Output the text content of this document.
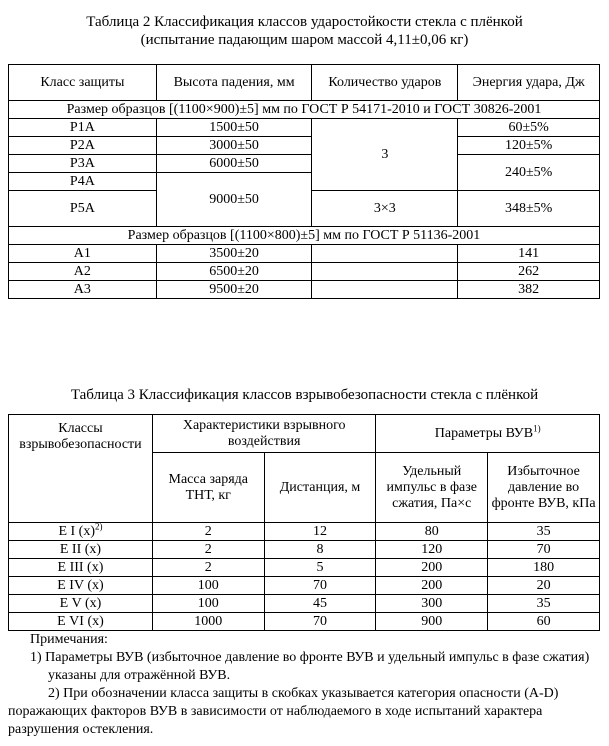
Таблица 2 Классификация классов ударостойкости стекла с плёнкой
(испытание падающим шаром массой 4,11±0,06 кг)
Класс защиты	Высота падения, мм	Количество ударов	Энергия удара, Дж
Размер образцов [(1100×900)±5] мм по ГОСТ Р 54171-2010 и ГОСТ 30826-2001			
Р1А	1500±50	3	60±5%
Р2А	3000±50		120±5%
Р3А	6000±50		240±5%
Р4А	9000±50		
Р5А		3×3	348±5%
Размер образцов [(1100×800)±5] мм по ГОСТ Р 51136-2001			
А1	3500±20		141
А2	6500±20		262
А3	9500±20		382
Таблица 3 Классификация классов взрывобезопасности стекла с плёнкой
Классы взрывобезопасности	Характеристики взрывного воздействия		Параметры ВУВ$^{1)}$
	Масса заряда ТНТ, кг	Дистанция, м	Удельный импульс в фазе сжатия, Па×с	Избыточное давление во фронте ВУВ, кПа
Е I $(х)^{2)}$	2	12	80	35
Е II (х)	2	8	120	70
Е III (х)	2	5	200	180
Е IV (х)	100	70	200	20
Е V (х)	100	45	300	35
Е VI (х)	1000	70	900	60

Примечания:

1) Параметры ВУВ (избыточное давление во фронте ВУВ и удельный импульс в фазе сжатия) указаны для отражённой ВУВ.

2) При обозначении класса защиты в скобках указывается категория опасности (А-D) поражающих факторов ВУВ в зависимости от наблюдаемого в ходе испытаний характера разрушения остекления.
